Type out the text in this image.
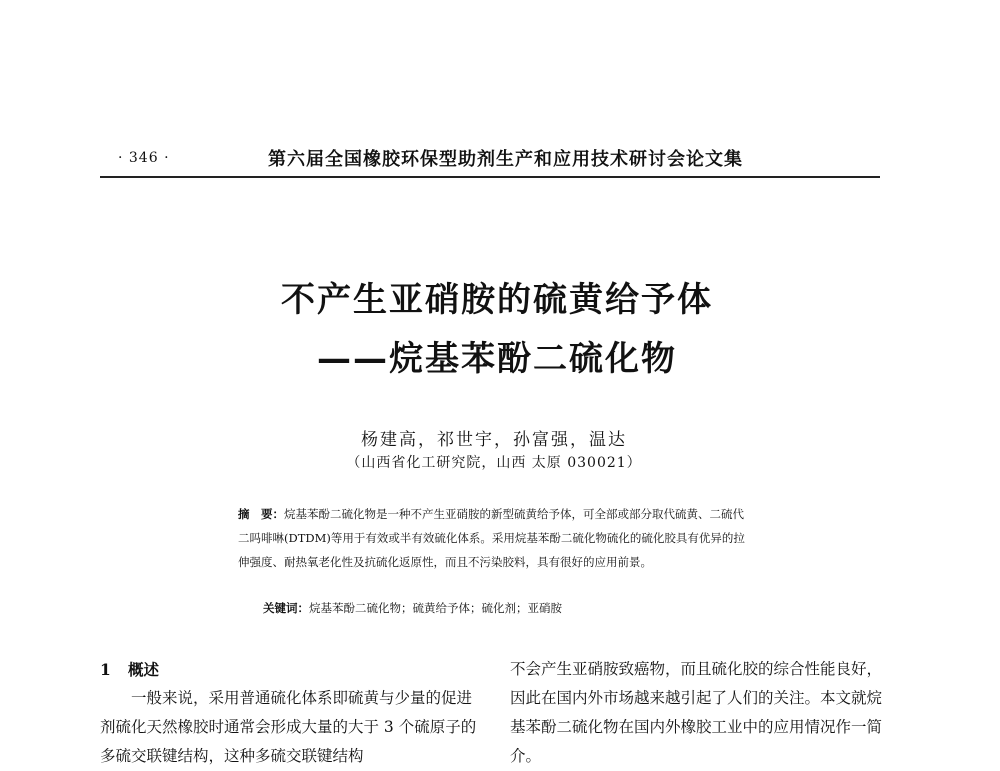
· 346 ·	第六届全国橡胶环保型助剂生产和应用技术研讨会论文集
不产生亚硝胺的硫黄给予体
——烷基苯酚二硫化物
杨建高，祁世宇，孙富强，温达
（山西省化工研究院，山西 太原 030021）
摘　要：烷基苯酚二硫化物是一种不产生亚硝胺的新型硫黄给予体，可全部或部分取代硫黄、二硫代二吗啡啉(DTDM)等用于有效或半有效硫化体系。采用烷基苯酚二硫化物硫化的硫化胶具有优异的拉伸强度、耐热氧老化性及抗硫化返原性，而且不污染胶料，具有很好的应用前景。
关键词：烷基苯酚二硫化物；硫黄给予体；硫化剂；亚硝胺
1 概述

一般来说，采用普通硫化体系即硫黄与少量的促进剂硫化天然橡胶时通常会形成大量的大于 3 个硫原子的多硫交联键结构，这种多硫交联键结构

不会产生亚硝胺致癌物，而且硫化胶的综合性能良好，因此在国内外市场越来越引起了人们的关注。本文就烷基苯酚二硫化物在国内外橡胶工业中的应用情况作一简介。
